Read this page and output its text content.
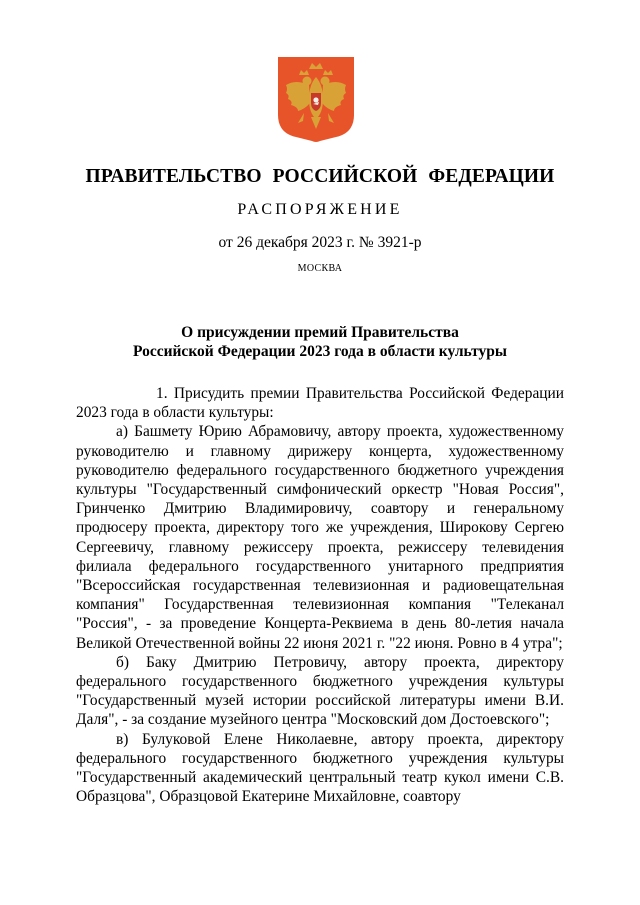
ПРАВИТЕЛЬСТВО РОССИЙСКОЙ ФЕДЕРАЦИИ
РАСПОРЯЖЕНИЕ
от 26 декабря 2023 г. № 3921-р
МОСКВА
О присуждении премий Правительства
Российской Федерации 2023 года в области культуры

1. Присудить премии Правительства Российской Федерации 2023 года в области культуры:

а) Башмету Юрию Абрамовичу, автору проекта, художественному руководителю и главному дирижеру концерта, художественному руководителю федерального государственного бюджетного учреждения культуры "Государственный симфонический оркестр "Новая Россия", Гринченко Дмитрию Владимировичу, соавтору и генеральному продюсеру проекта, директору того же учреждения, Широкову Сергею Сергеевичу, главному режиссеру проекта, режиссеру телевидения филиала федерального государственного унитарного предприятия "Всероссийская государственная телевизионная и радиовещательная компания" Государственная телевизионная компания "Телеканал "Россия", - за проведение Концерта-Реквиема в день 80-летия начала Великой Отечественной войны 22 июня 2021 г. "22 июня. Ровно в 4 утра";

б) Баку Дмитрию Петровичу, автору проекта, директору федерального государственного бюджетного учреждения культуры "Государственный музей истории российской литературы имени В.И. Даля", - за создание музейного центра "Московский дом Достоевского";

в) Булуковой Елене Николаевне, автору проекта, директору федерального государственного бюджетного учреждения культуры "Государственный академический центральный театр кукол имени С.В. Образцова", Образцовой Екатерине Михайловне, соавтору
